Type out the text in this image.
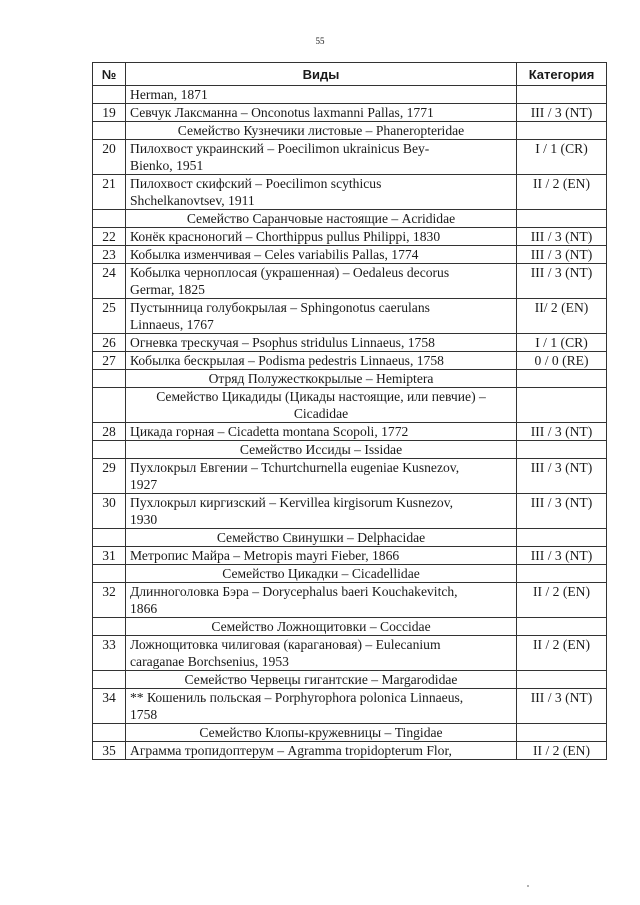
55
№	Виды	Категория

	Herman, 1871	

19	Севчук Лаксманна – Onconotus laxmanni Pallas, 1771	III / 3 (NT)
	Семейство Кузнечики листовые – Phaneropteridae	
20	Пилохвост украинский – Poecilimon ukrainicus Bey-
Bienko, 1951	I / 1 (CR)
21	Пилохвост скифский – Poecilimon scythicus
Shchelkanovtsev, 1911	II / 2 (EN)
	Семейство Саранчовые настоящие – Acrididae	
22	Конёк красноногий – Chorthippus pullus Philippi, 1830	III / 3 (NT)
23	Кобылка изменчивая – Celes variabilis Pallas, 1774	III / 3 (NT)
24	Кобылка черноплосая (украшенная) – Oedaleus decorus
Germar, 1825	III / 3 (NT)
25	Пустынница голубокрылая – Sphingonotus caerulans
Linnaeus, 1767	II/ 2 (EN)
26	Огневка трескучая – Psophus stridulus Linnaeus, 1758	I / 1 (CR)
27	Кобылка бескрылая – Podisma pedestris Linnaeus, 1758	0 / 0 (RE)
	Отряд Полужесткокрылые – Hemiptera	

	Семейство Цикадиды (Цикады настоящие, или певчие) –
Cicadidae	

28	Цикада горная – Cicadetta montana Scopoli, 1772	III / 3 (NT)
	Семейство Иссиды – Issidae	
29	Пухлокрыл Евгении – Tchurtchurnella eugeniae Kusnezov,
1927	III / 3 (NT)
30	Пухлокрыл киргизский – Kervillea kirgisorum Kusnezov,
1930	III / 3 (NT)
	Семейство Свинушки – Delphacidae	
31	Метропис Майра – Metropis mayri Fieber, 1866	III / 3 (NT)
	Семейство Цикадки – Cicadellidae	
32	Длинноголовка Бэра – Dorycephalus baeri Kouchakevitch,
1866	II / 2 (EN)
	Семейство Ложнощитовки – Coccidae	
33	Ложнощитовка чилиговая (карагановая) – Eulecanium
caraganae Borchsenius, 1953	II / 2 (EN)
	Семейство Червецы гигантские – Margarodidae	
34	** Кошениль польская – Porphyrophora polonica Linnaeus,
1758	III / 3 (NT)
	Семейство Клопы-кружевницы – Tingidae	
35	Аграмма тропидоптерум – Agramma tropidopterum Flor,	II / 2 (EN)
